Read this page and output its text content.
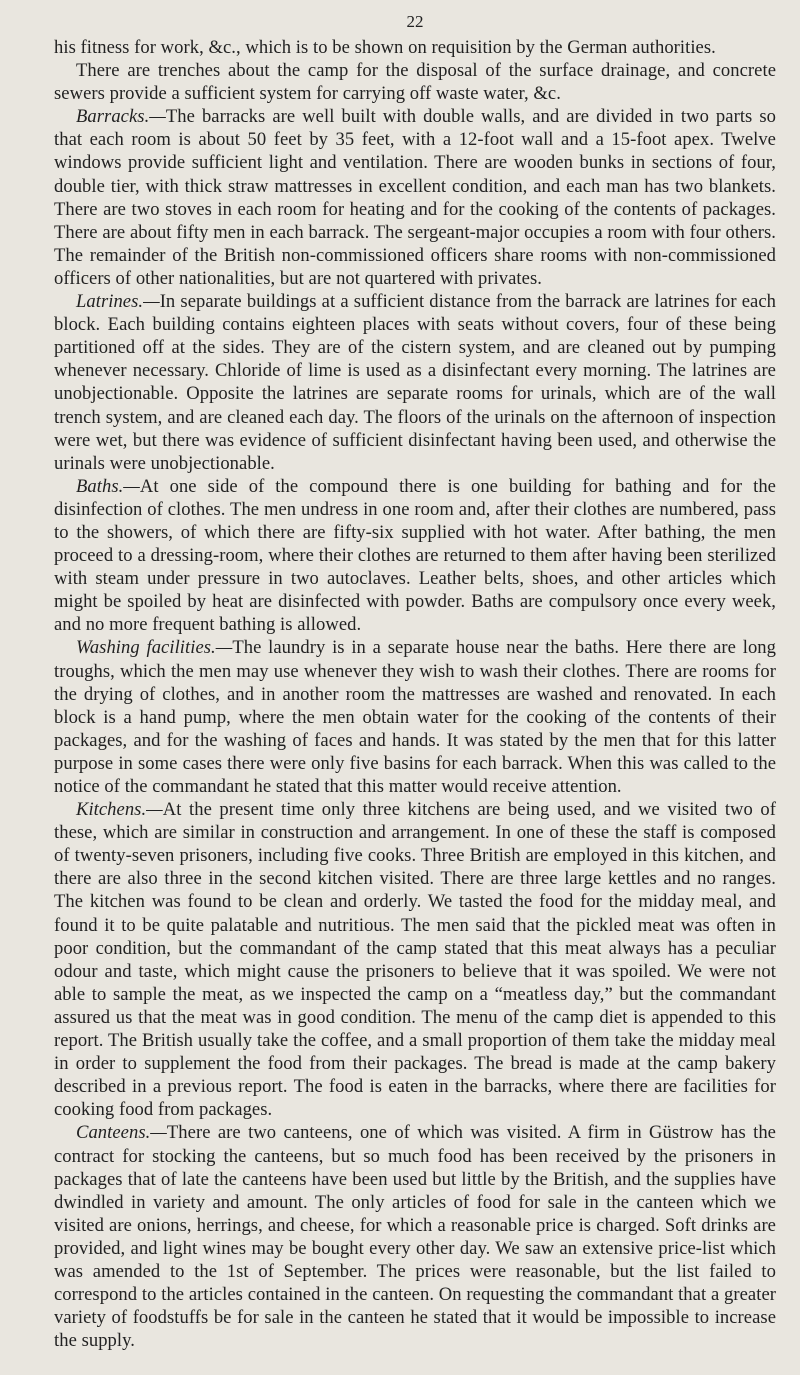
22

his fitness for work, &c., which is to be shown on requisition by the German authorities.

There are trenches about the camp for the disposal of the surface drainage, and concrete sewers provide a sufficient system for carrying off waste water, &c.

Barracks.—The barracks are well built with double walls, and are divided in two parts so that each room is about 50 feet by 35 feet, with a 12-foot wall and a 15-foot apex. Twelve windows provide sufficient light and ventilation. There are wooden bunks in sections of four, double tier, with thick straw mattresses in excellent condition, and each man has two blankets. There are two stoves in each room for heating and for the cooking of the contents of packages. There are about fifty men in each barrack. The sergeant-major occupies a room with four others. The remainder of the British non-commissioned officers share rooms with non-commissioned officers of other nationalities, but are not quartered with privates.

Latrines.—In separate buildings at a sufficient distance from the barrack are latrines for each block. Each building contains eighteen places with seats without covers, four of these being partitioned off at the sides. They are of the cistern system, and are cleaned out by pumping whenever necessary. Chloride of lime is used as a disinfectant every morning. The latrines are unobjectionable. Opposite the latrines are separate rooms for urinals, which are of the wall trench system, and are cleaned each day. The floors of the urinals on the afternoon of inspection were wet, but there was evidence of sufficient disinfectant having been used, and otherwise the urinals were unobjectionable.

Baths.—At one side of the compound there is one building for bathing and for the disinfection of clothes. The men undress in one room and, after their clothes are numbered, pass to the showers, of which there are fifty-six supplied with hot water. After bathing, the men proceed to a dressing-room, where their clothes are returned to them after having been sterilized with steam under pressure in two autoclaves. Leather belts, shoes, and other articles which might be spoiled by heat are disinfected with powder. Baths are compulsory once every week, and no more frequent bathing is allowed.

Washing facilities.—The laundry is in a separate house near the baths. Here there are long troughs, which the men may use whenever they wish to wash their clothes. There are rooms for the drying of clothes, and in another room the mattresses are washed and renovated. In each block is a hand pump, where the men obtain water for the cooking of the contents of their packages, and for the washing of faces and hands. It was stated by the men that for this latter purpose in some cases there were only five basins for each barrack. When this was called to the notice of the commandant he stated that this matter would receive attention.

Kitchens.—At the present time only three kitchens are being used, and we visited two of these, which are similar in construction and arrangement. In one of these the staff is composed of twenty-seven prisoners, including five cooks. Three British are employed in this kitchen, and there are also three in the second kitchen visited. There are three large kettles and no ranges. The kitchen was found to be clean and orderly. We tasted the food for the midday meal, and found it to be quite palatable and nutritious. The men said that the pickled meat was often in poor condition, but the commandant of the camp stated that this meat always has a peculiar odour and taste, which might cause the prisoners to believe that it was spoiled. We were not able to sample the meat, as we inspected the camp on a “meatless day,” but the commandant assured us that the meat was in good condition. The menu of the camp diet is appended to this report. The British usually take the coffee, and a small proportion of them take the midday meal in order to supplement the food from their packages. The bread is made at the camp bakery described in a previous report. The food is eaten in the barracks, where there are facilities for cooking food from packages.

Canteens.—There are two canteens, one of which was visited. A firm in Güstrow has the contract for stocking the canteens, but so much food has been received by the prisoners in packages that of late the canteens have been used but little by the British, and the supplies have dwindled in variety and amount. The only articles of food for sale in the canteen which we visited are onions, herrings, and cheese, for which a reasonable price is charged. Soft drinks are provided, and light wines may be bought every other day. We saw an extensive price-list which was amended to the 1st of September. The prices were reasonable, but the list failed to correspond to the articles contained in the canteen. On requesting the commandant that a greater variety of foodstuffs be for sale in the canteen he stated that it would be impossible to increase the supply.
